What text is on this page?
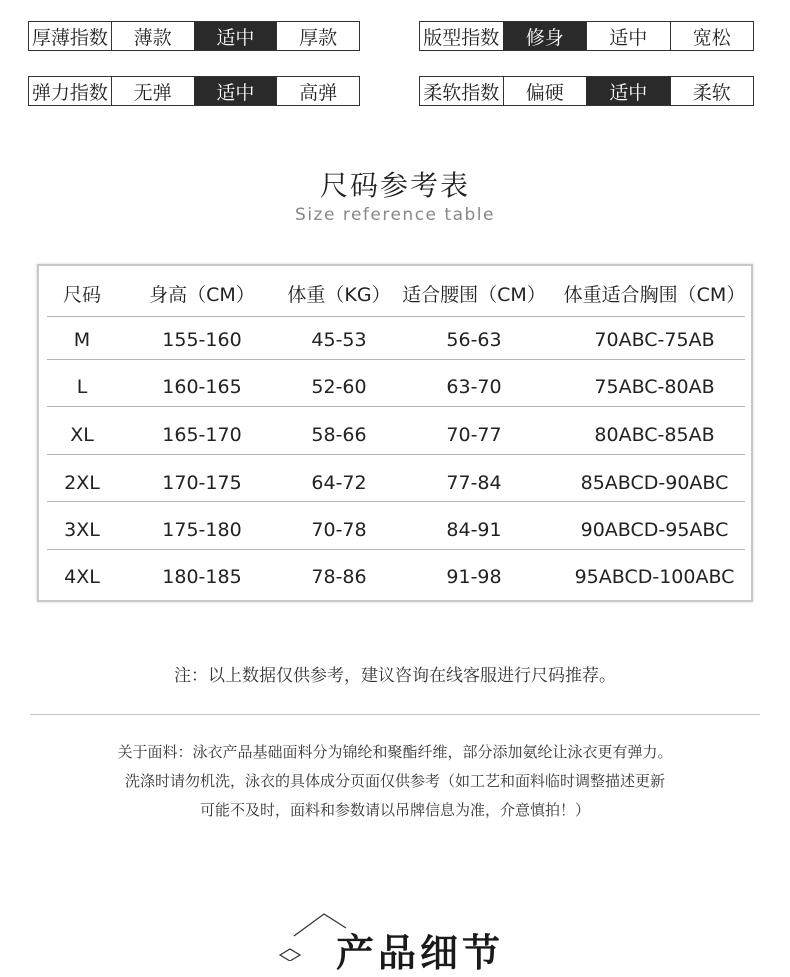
厚薄指数	薄款	适中	厚款	版型指数	修身	适中	宽松
弹力指数	无弹	适中	高弹	柔软指数	偏硬	适中	柔软
尺码参考表
Size reference table
尺码	身高（CM）	体重（KG） 适合腰围（CM） 体重适合胸围（CM）
M	155-160	45-53	56-63	70ABC-75AB
L	160-165	52-60	63-70	75ABC-80AB
XL	165-170	58-66	70-77	80ABC-85AB
2XL	170-175	64-72	77-84	85ABCD-90ABC
3XL	175-180	70-78	84-91	90ABCD-95ABC
4XL	180-185	78-86	91-98	95ABCD-100ABC
注：以上数据仅供参考，建议咨询在线客服进行尺码推荐。
关于面料：泳衣产品基础面料分为锦纶和聚酯纤维，部分添加氨纶让泳衣更有弹力。
洗涤时请勿机洗，泳衣的具体成分页面仅供参考（如工艺和面料临时调整描述更新
可能不及时，面料和参数请以吊牌信息为准，介意慎拍！）
产品细节
